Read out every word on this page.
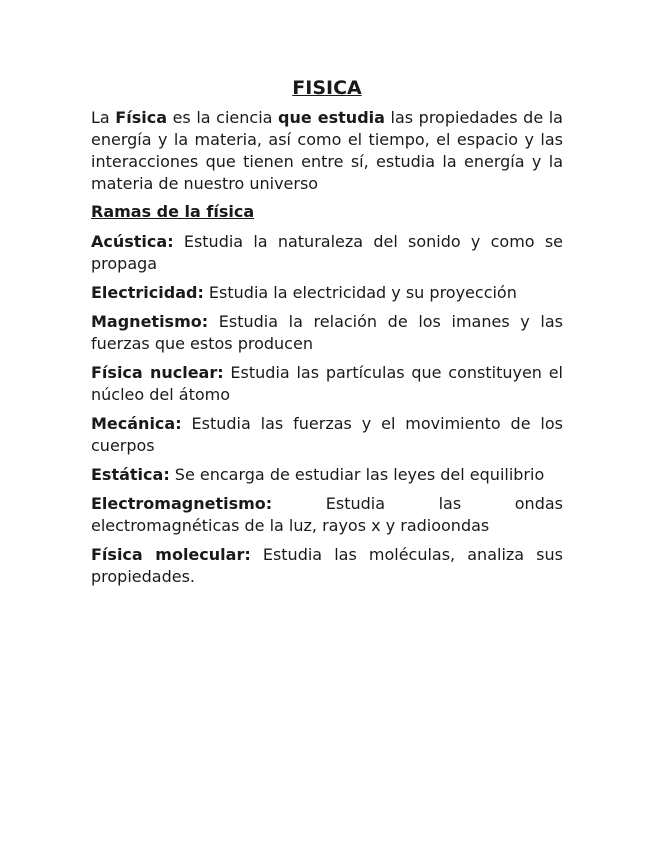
FISICA

La Física es la ciencia que estudia las propiedades de la energía y la materia, así como el tiempo, el espacio y las interacciones que tienen entre sí, estudia la energía y la materia de nuestro universo

Ramas de la física

Acústica: Estudia la naturaleza del sonido y como se propaga

Electricidad: Estudia la electricidad y su proyección

Magnetismo: Estudia la relación de los imanes y las fuerzas que estos producen

Física nuclear: Estudia las partículas que constituyen el núcleo del átomo

Mecánica: Estudia las fuerzas y el movimiento de los cuerpos

Estática: Se encarga de estudiar las leyes del equilibrio

Electromagnetismo: Estudia las ondas electromagnéticas de la luz, rayos x y radioondas

Física molecular: Estudia las moléculas, analiza sus propiedades.
